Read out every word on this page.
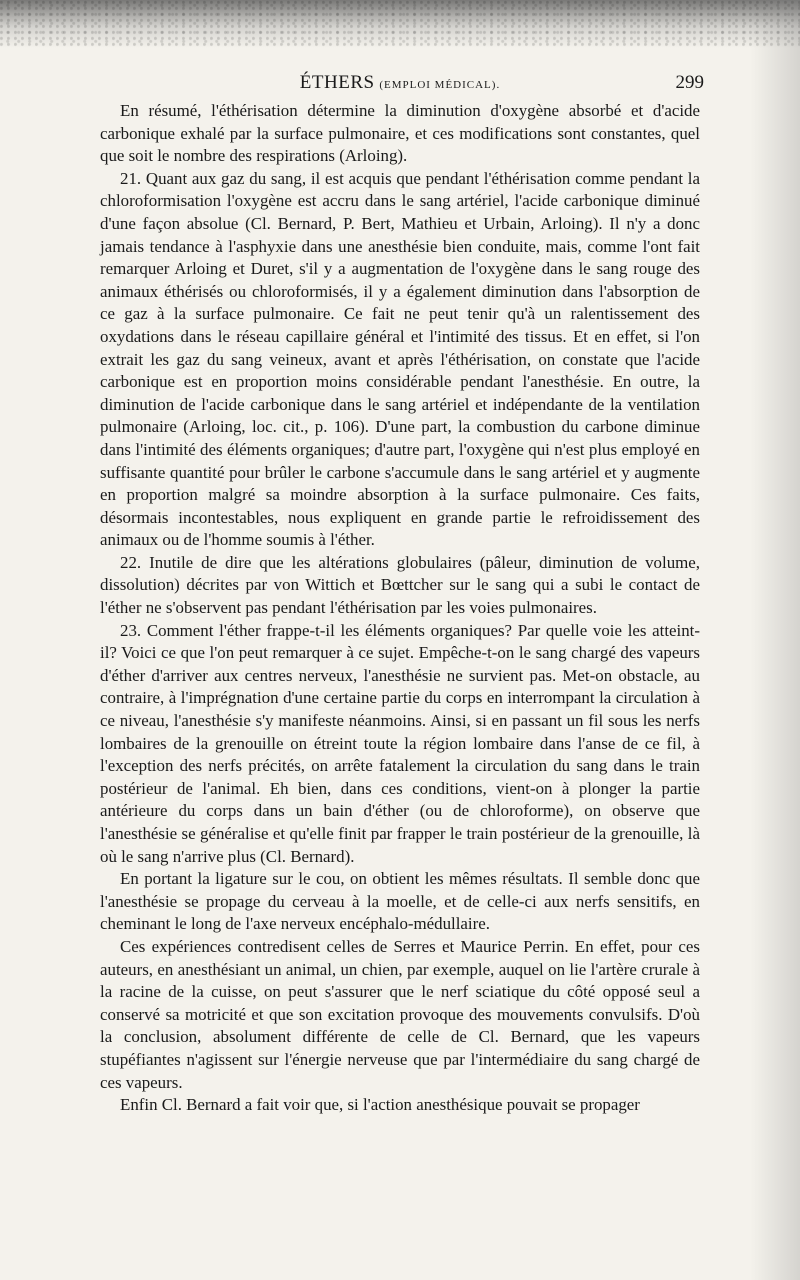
ÉTHERS (EMPLOI MÉDICAL).	299

En résumé, l'éthérisation détermine la diminution d'oxygène absorbé et d'acide carbonique exhalé par la surface pulmonaire, et ces modifications sont constantes, quel que soit le nombre des respirations (Arloing).

21. Quant aux gaz du sang, il est acquis que pendant l'éthérisation comme pendant la chloroformisation l'oxygène est accru dans le sang artériel, l'acide carbonique diminué d'une façon absolue (Cl. Bernard, P. Bert, Mathieu et Urbain, Arloing). Il n'y a donc jamais tendance à l'asphyxie dans une anesthésie bien conduite, mais, comme l'ont fait remarquer Arloing et Duret, s'il y a augmentation de l'oxygène dans le sang rouge des animaux éthérisés ou chloroformisés, il y a également diminution dans l'absorption de ce gaz à la surface pulmonaire. Ce fait ne peut tenir qu'à un ralentissement des oxydations dans le réseau capillaire général et l'intimité des tissus. Et en effet, si l'on extrait les gaz du sang veineux, avant et après l'éthérisation, on constate que l'acide carbonique est en proportion moins considérable pendant l'anesthésie. En outre, la diminution de l'acide carbonique dans le sang artériel et indépendante de la ventilation pulmonaire (Arloing, loc. cit., p. 106). D'une part, la combustion du carbone diminue dans l'intimité des éléments organiques; d'autre part, l'oxygène qui n'est plus employé en suffisante quantité pour brûler le carbone s'accumule dans le sang artériel et y augmente en proportion malgré sa moindre absorption à la surface pulmonaire. Ces faits, désormais incontestables, nous expliquent en grande partie le refroidissement des animaux ou de l'homme soumis à l'éther.

22. Inutile de dire que les altérations globulaires (pâleur, diminution de volume, dissolution) décrites par von Wittich et Bœttcher sur le sang qui a subi le contact de l'éther ne s'observent pas pendant l'éthérisation par les voies pulmonaires.

23. Comment l'éther frappe-t-il les éléments organiques? Par quelle voie les atteint-il? Voici ce que l'on peut remarquer à ce sujet. Empêche-t-on le sang chargé des vapeurs d'éther d'arriver aux centres nerveux, l'anesthésie ne survient pas. Met-on obstacle, au contraire, à l'imprégnation d'une certaine partie du corps en interrompant la circulation à ce niveau, l'anesthésie s'y manifeste néanmoins. Ainsi, si en passant un fil sous les nerfs lombaires de la grenouille on étreint toute la région lombaire dans l'anse de ce fil, à l'exception des nerfs précités, on arrête fatalement la circulation du sang dans le train postérieur de l'animal. Eh bien, dans ces conditions, vient-on à plonger la partie antérieure du corps dans un bain d'éther (ou de chloroforme), on observe que l'anesthésie se généralise et qu'elle finit par frapper le train postérieur de la grenouille, là où le sang n'arrive plus (Cl. Bernard).

En portant la ligature sur le cou, on obtient les mêmes résultats. Il semble donc que l'anesthésie se propage du cerveau à la moelle, et de celle-ci aux nerfs sensitifs, en cheminant le long de l'axe nerveux encéphalo-médullaire.

Ces expériences contredisent celles de Serres et Maurice Perrin. En effet, pour ces auteurs, en anesthésiant un animal, un chien, par exemple, auquel on lie l'artère crurale à la racine de la cuisse, on peut s'assurer que le nerf sciatique du côté opposé seul a conservé sa motricité et que son excitation provoque des mouvements convulsifs. D'où la conclusion, absolument différente de celle de Cl. Bernard, que les vapeurs stupéfiantes n'agissent sur l'énergie nerveuse que par l'intermédiaire du sang chargé de ces vapeurs.

Enfin Cl. Bernard a fait voir que, si l'action anesthésique pouvait se propager
